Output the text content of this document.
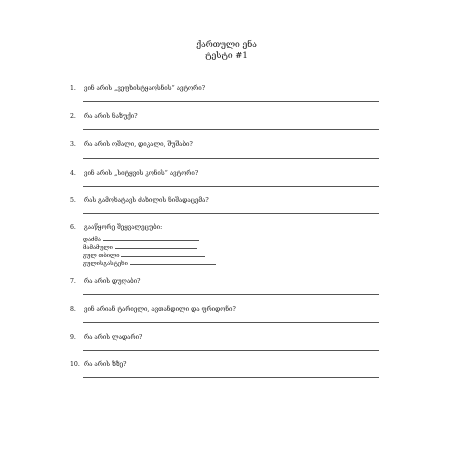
ქართული ენა
ტესტი #1
1. ვინ არის „ვეფხისტყაოსნის“ ავტორი?
2. რა არის ნაზუქი?
3. რა არის ოშალი, დიკალი, შუშაბი?
4. ვინ არის „სიტყვის კონის“ ავტორი?
5. რას გამოხატავს ძახილის ნიშადაცემა?
6. გააწყორე შეყვალეცუბი:
დაძმა
მამამული
გულ თბილი
გულისგასტეხი
7. რა არის დუღაბი?
8. ვინ არიან ტარიელი, ავთანდილი და ფრიდონი?
9. რა არის ლადარი?
10. რა არის ზზე?
